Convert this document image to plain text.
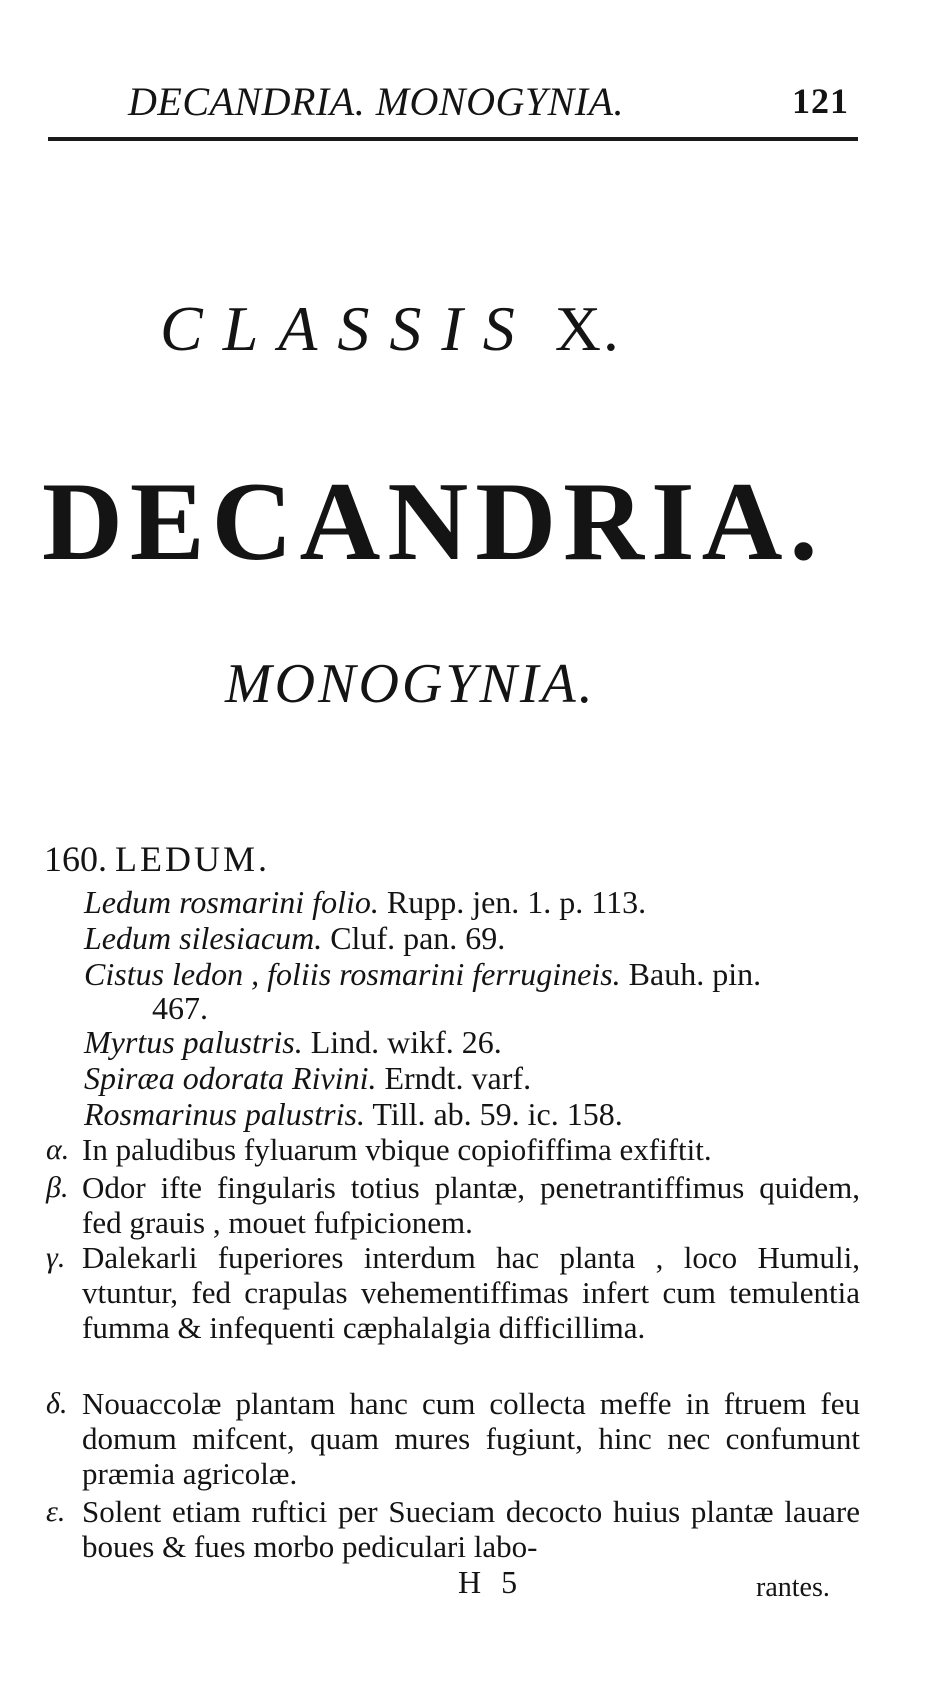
DECANDRIA. MONOGYNIA.	121
CLASSIS X.
DECANDRIA.
MONOGYNIA.
160. LEDUM.
Ledum rosmarini folio. Rupp. jen. 1. p. 113.
Ledum silesiacum. Cluf. pan. 69.
Cistus ledon , foliis rosmarini ferrugineis. Bauh. pin.
467.
Myrtus palustris. Lind. wikf. 26.
Spiræa odorata Rivini. Erndt. varf.
Rosmarinus palustris. Till. ab. 59. ic. 158.
α. In paludibus fyluarum vbique copiofiffima exfiftit.
β. Odor ifte fingularis totius plantæ, penetrantiffimus quidem, fed grauis , mouet fufpicionem.
γ. Dalekarli fuperiores interdum hac planta , loco Humuli, vtuntur, fed crapulas vehementiffimas infert cum temulentia fumma & infequenti cæphalalgia difficillima.
δ. Nouaccolæ plantam hanc cum collecta meffe in ftruem feu domum mifcent, quam mures fugiunt, hinc nec confumunt præmia agricolæ.
ε. Solent etiam ruftici per Sueciam decocto huius plantæ lauare boues & fues morbo pediculari labo-
H 5	rantes.
